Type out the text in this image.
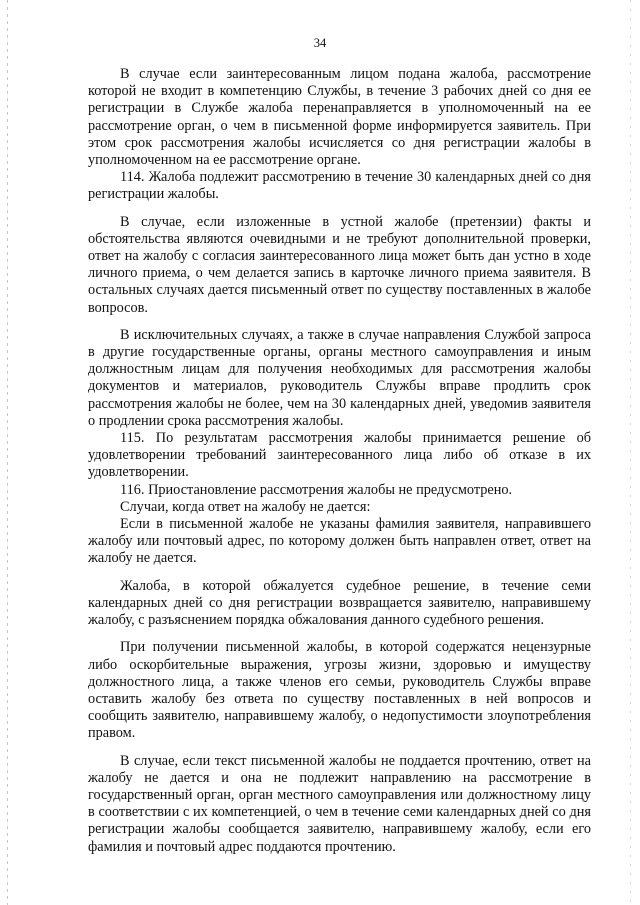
34

В случае если заинтересованным лицом подана жалоба, рассмотрение которой не входит в компетенцию Службы, в течение 3 рабочих дней со дня ее регистрации в Службе жалоба перенаправляется в уполномоченный на ее рассмотрение орган, о чем в письменной форме информируется заявитель. При этом срок рассмотрения жалобы исчисляется со дня регистрации жалобы в уполномоченном на ее рассмотрение органе.

114. Жалоба подлежит рассмотрению в течение 30 календарных дней со дня регистрации жалобы.

В случае, если изложенные в устной жалобе (претензии) факты и обстоятельства являются очевидными и не требуют дополнительной проверки, ответ на жалобу с согласия заинтересованного лица может быть дан устно в ходе личного приема, о чем делается запись в карточке личного приема заявителя. В остальных случаях дается письменный ответ по существу поставленных в жалобе вопросов.

В исключительных случаях, а также в случае направления Службой запроса в другие государственные органы, органы местного самоуправления и иным должностным лицам для получения необходимых для рассмотрения жалобы документов и материалов, руководитель Службы вправе продлить срок рассмотрения жалобы не более, чем на 30 календарных дней, уведомив заявителя о продлении срока рассмотрения жалобы.

115. По результатам рассмотрения жалобы принимается решение об удовлетворении требований заинтересованного лица либо об отказе в их удовлетворении.

116. Приостановление рассмотрения жалобы не предусмотрено.

Случаи, когда ответ на жалобу не дается:

Если в письменной жалобе не указаны фамилия заявителя, направившего жалобу или почтовый адрес, по которому должен быть направлен ответ, ответ на жалобу не дается.

Жалоба, в которой обжалуется судебное решение, в течение семи календарных дней со дня регистрации возвращается заявителю, направившему жалобу, с разъяснением порядка обжалования данного судебного решения.

При получении письменной жалобы, в которой содержатся нецензурные либо оскорбительные выражения, угрозы жизни, здоровью и имуществу должностного лица, а также членов его семьи, руководитель Службы вправе оставить жалобу без ответа по существу поставленных в ней вопросов и сообщить заявителю, направившему жалобу, о недопустимости злоупотребления правом.

В случае, если текст письменной жалобы не поддается прочтению, ответ на жалобу не дается и она не подлежит направлению на рассмотрение в государственный орган, орган местного самоуправления или должностному лицу в соответствии с их компетенцией, о чем в течение семи календарных дней со дня регистрации жалобы сообщается заявителю, направившему жалобу, если его фамилия и почтовый адрес поддаются прочтению.
